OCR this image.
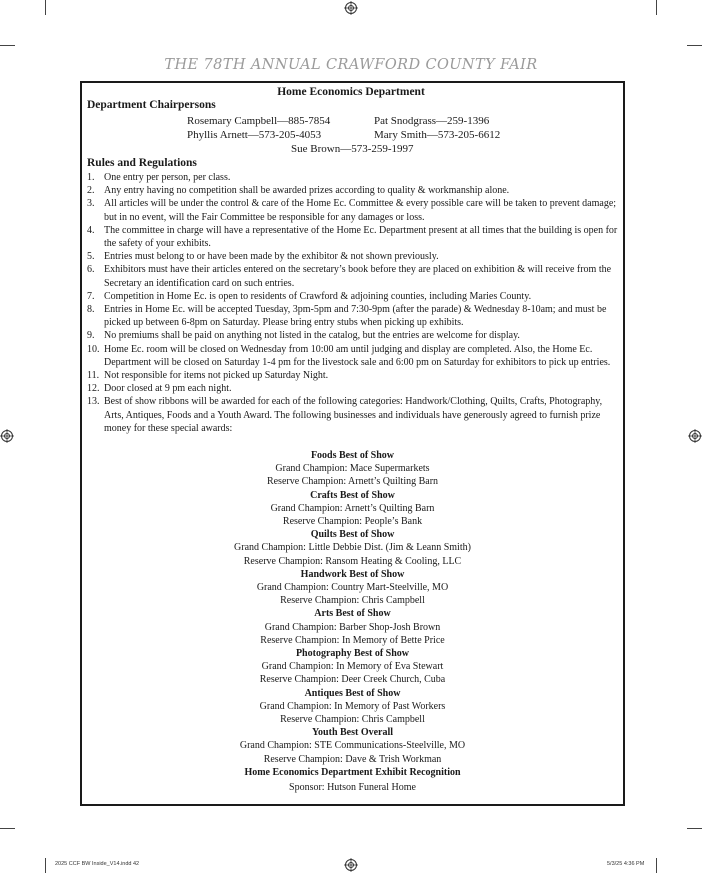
THE 78TH ANNUAL CRAWFORD COUNTY FAIR
Home Economics Department
Department Chairpersons
Rosemary Campbell—885-7854	Pat Snodgrass—259-1396
Phyllis Arnett—573-205-4053	Mary Smith—573-205-6612
Sue Brown—573-259-1997
Rules and Regulations
1. One entry per person, per class.
2. Any entry having no competition shall be awarded prizes according to quality & workmanship alone.
3. All articles will be under the control & care of the Home Ec. Committee & every possible care will be taken to prevent damage; but in no event, will the Fair Committee be responsible for any damages or loss.
4. The committee in charge will have a representative of the Home Ec. Department present at all times that the building is open for the safety of your exhibits.
5. Entries must belong to or have been made by the exhibitor & not shown previously.
6. Exhibitors must have their articles entered on the secretary’s book before they are placed on exhibition & will receive from the Secretary an identification card on such entries.
7. Competition in Home Ec. is open to residents of Crawford & adjoining counties, including Maries County.
8. Entries in Home Ec. will be accepted Tuesday, 3pm-5pm and 7:30-9pm (after the parade) & Wednesday 8-10am; and must be picked up between 6-8pm on Saturday. Please bring entry stubs when picking up exhibits.
9. No premiums shall be paid on anything not listed in the catalog, but the entries are welcome for display.
10. Home Ec. room will be closed on Wednesday from 10:00 am until judging and display are completed. Also, the Home Ec. Department will be closed on Saturday 1-4 pm for the livestock sale and 6:00 pm on Saturday for exhibitors to pick up entries.
11. Not responsible for items not picked up Saturday Night.
12. Door closed at 9 pm each night.
13. Best of show ribbons will be awarded for each of the following categories: Handwork/Clothing, Quilts, Crafts, Photography, Arts, Antiques, Foods and a Youth Award. The following businesses and individuals have generously agreed to furnish prize money for these special awards:
Foods Best of Show
Grand Champion: Mace Supermarkets
Reserve Champion: Arnett’s Quilting Barn
Crafts Best of Show
Grand Champion: Arnett’s Quilting Barn
Reserve Champion: People’s Bank
Quilts Best of Show
Grand Champion: Little Debbie Dist. (Jim & Leann Smith)
Reserve Champion: Ransom Heating & Cooling, LLC
Handwork Best of Show
Grand Champion: Country Mart-Steelville, MO
Reserve Champion: Chris Campbell
Arts Best of Show
Grand Champion: Barber Shop-Josh Brown
Reserve Champion: In Memory of Bette Price
Photography Best of Show
Grand Champion: In Memory of Eva Stewart
Reserve Champion: Deer Creek Church, Cuba
Antiques Best of Show
Grand Champion: In Memory of Past Workers
Reserve Champion: Chris Campbell
Youth Best Overall
Grand Champion: STE Communications-Steelville, MO
Reserve Champion: Dave & Trish Workman
Home Economics Department Exhibit Recognition
Sponsor: Hutson Funeral Home
2025 CCF BW Inside_V14.indd 42	5/3/25 4:36 PM
